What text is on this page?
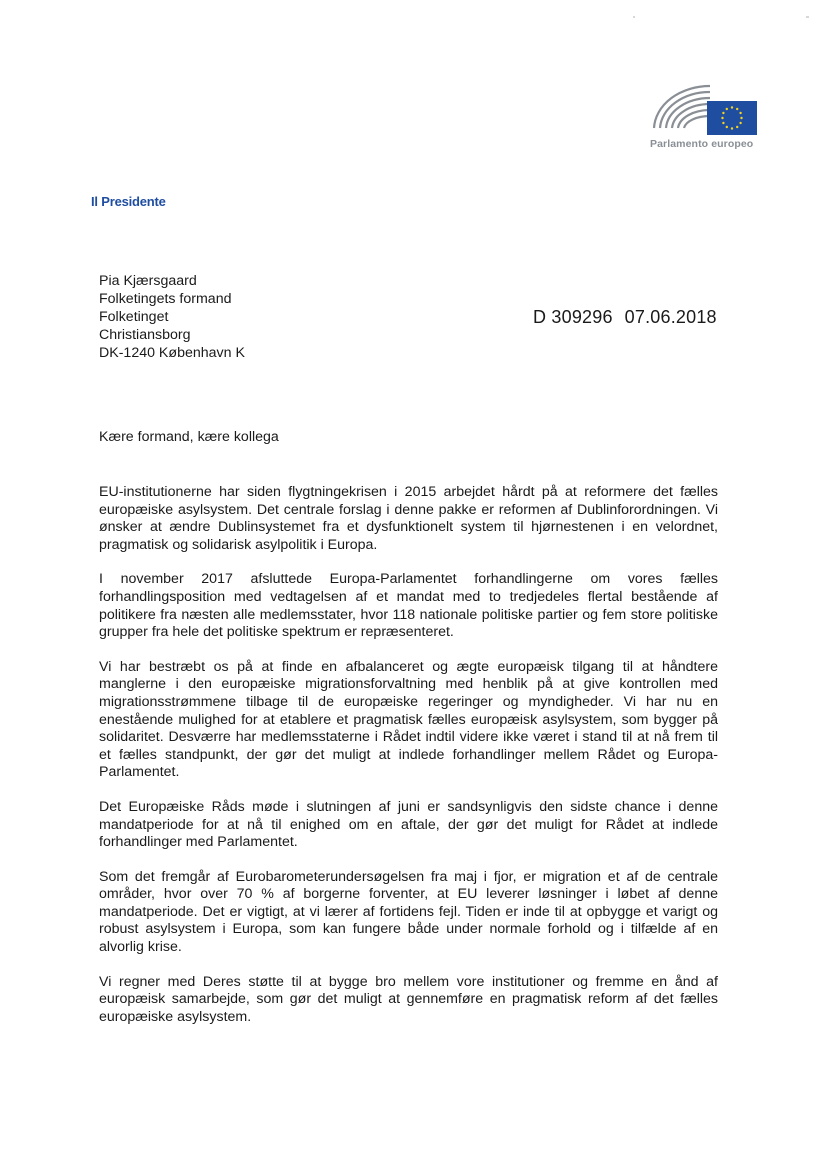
Parlamento europeo
Il Presidente
Pia Kjærsgaard
Folketingets formand
Folketinget
Christiansborg
DK-1240 København K
D 309296 07.06.2018
Kære formand, kære kollega

EU-institutionerne har siden flygtningekrisen i 2015 arbejdet hårdt på at reformere det fælles europæiske asylsystem. Det centrale forslag i denne pakke er reformen af Dublinforordningen. Vi ønsker at ændre Dublinsystemet fra et dysfunktionelt system til hjørnestenen i en velordnet, pragmatisk og solidarisk asylpolitik i Europa.

I november 2017 afsluttede Europa-Parlamentet forhandlingerne om vores fælles forhandlingsposition med vedtagelsen af et mandat med to tredjedeles flertal bestående af politikere fra næsten alle medlemsstater, hvor 118 nationale politiske partier og fem store politiske grupper fra hele det politiske spektrum er repræsenteret.

Vi har bestræbt os på at finde en afbalanceret og ægte europæisk tilgang til at håndtere manglerne i den europæiske migrationsforvaltning med henblik på at give kontrollen med migrationsstrømmene tilbage til de europæiske regeringer og myndigheder. Vi har nu en enestående mulighed for at etablere et pragmatisk fælles europæisk asylsystem, som bygger på solidaritet. Desværre har medlemsstaterne i Rådet indtil videre ikke været i stand til at nå frem til et fælles standpunkt, der gør det muligt at indlede forhandlinger mellem Rådet og Europa-Parlamentet.

Det Europæiske Råds møde i slutningen af juni er sandsynligvis den sidste chance i denne mandatperiode for at nå til enighed om en aftale, der gør det muligt for Rådet at indlede forhandlinger med Parlamentet.

Som det fremgår af Eurobarometerundersøgelsen fra maj i fjor, er migration et af de centrale områder, hvor over 70 % af borgerne forventer, at EU leverer løsninger i løbet af denne mandatperiode. Det er vigtigt, at vi lærer af fortidens fejl. Tiden er inde til at opbygge et varigt og robust asylsystem i Europa, som kan fungere både under normale forhold og i tilfælde af en alvorlig krise.

Vi regner med Deres støtte til at bygge bro mellem vore institutioner og fremme en ånd af europæisk samarbejde, som gør det muligt at gennemføre en pragmatisk reform af det fælles europæiske asylsystem.
